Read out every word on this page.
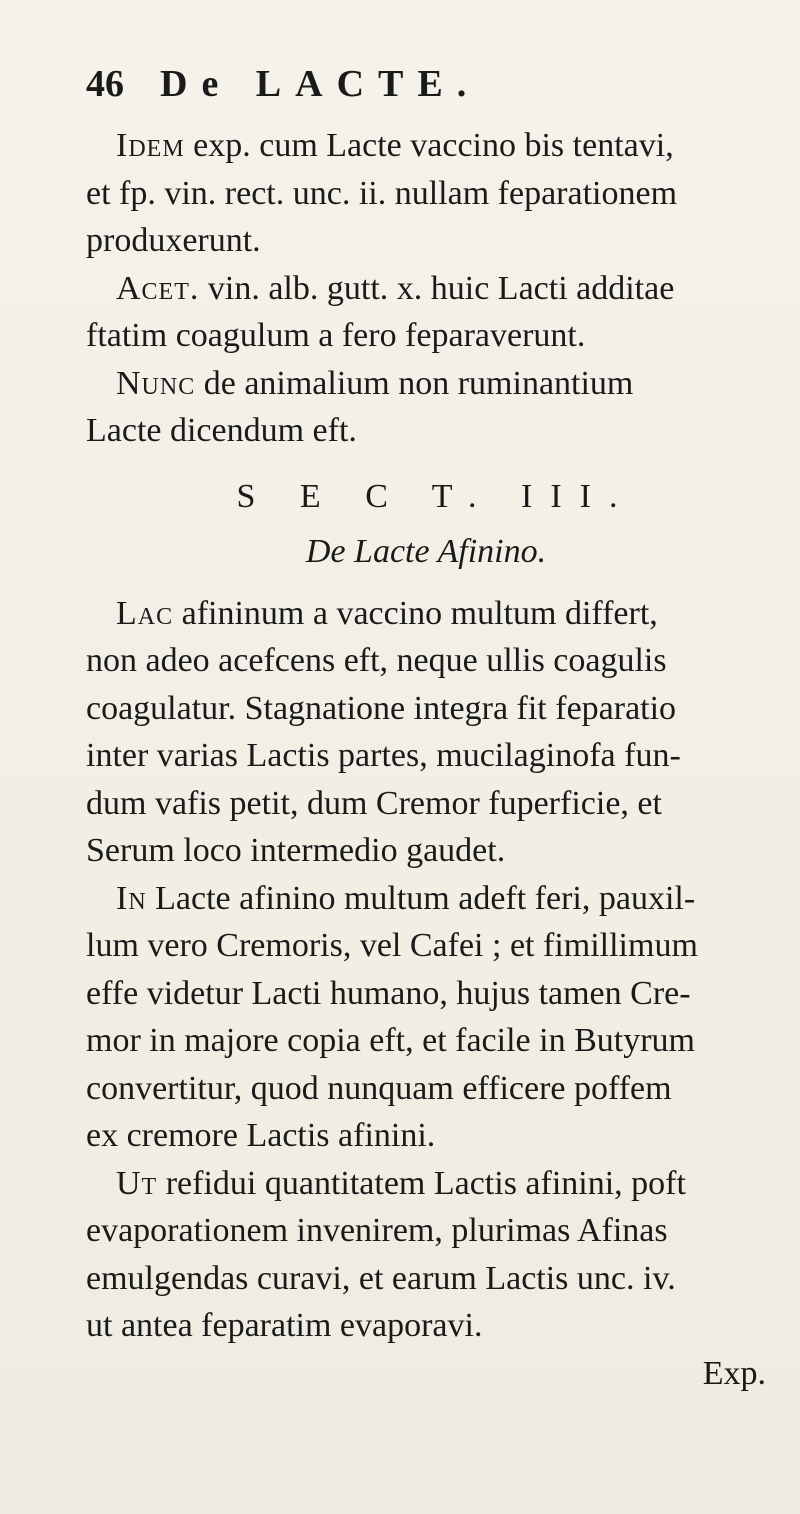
46 De LACTE.
Idem exp. cum Lacte vaccino bis tentavi,
et fp. vin. rect. unc. ii. nullam feparationem
produxerunt.
Acet. vin. alb. gutt. x. huic Lacti additae
ftatim coagulum a fero feparaverunt.
Nunc de animalium non ruminantium
Lacte dicendum eft.
S E C T. III.
De Lacte Afinino.
Lac afininum a vaccino multum differt,
non adeo acefcens eft, neque ullis coagulis
coagulatur. Stagnatione integra fit feparatio
inter varias Lactis partes, mucilaginofa fun-
dum vafis petit, dum Cremor fuperficie, et
Serum loco intermedio gaudet.
In Lacte afinino multum adeft feri, pauxil-
lum vero Cremoris, vel Cafei ; et fimillimum
effe videtur Lacti humano, hujus tamen Cre-
mor in majore copia eft, et facile in Butyrum
convertitur, quod nunquam efficere poffem
ex cremore Lactis afinini.
Ut refidui quantitatem Lactis afinini, poft
evaporationem invenirem, plurimas Afinas
emulgendas curavi, et earum Lactis unc. iv.
ut antea feparatim evaporavi.
Exp.
